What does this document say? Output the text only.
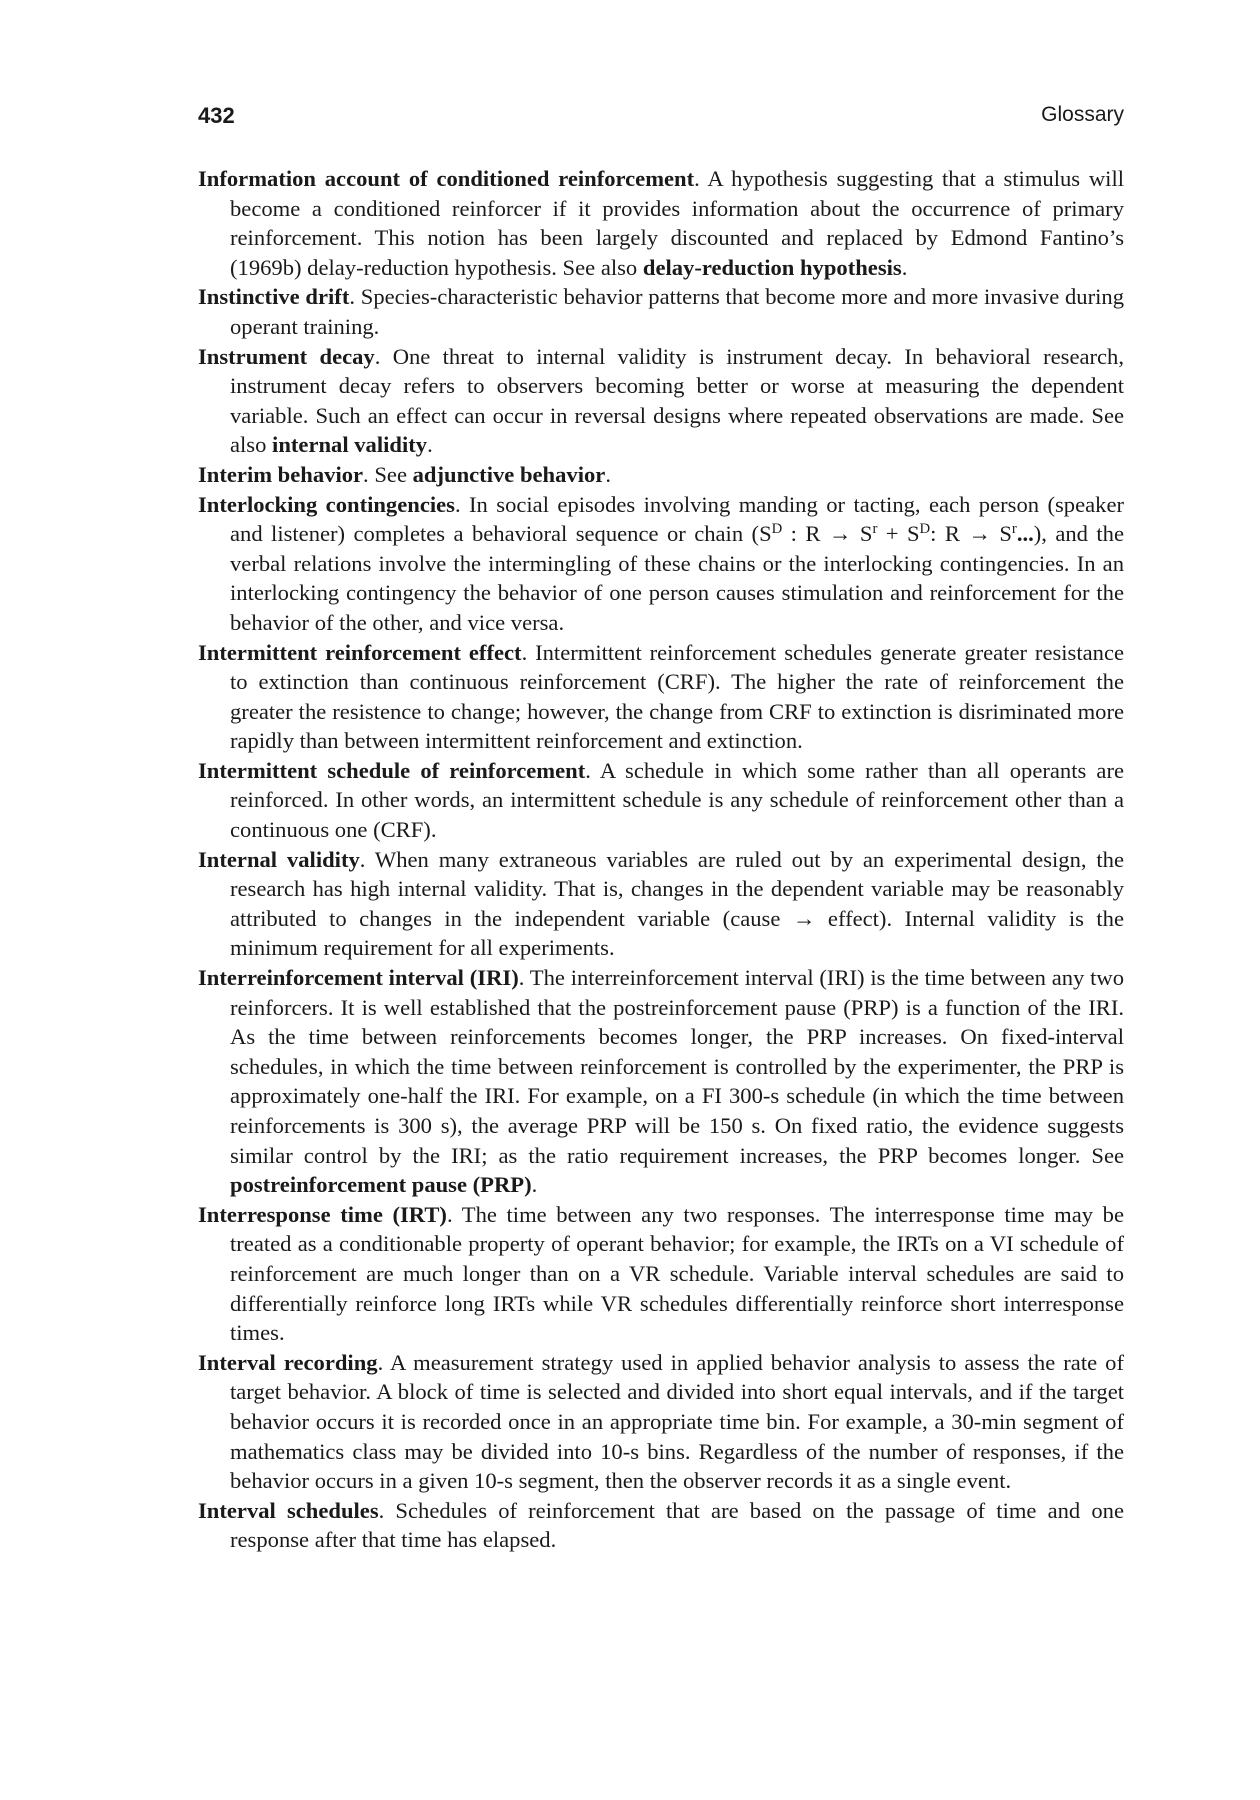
432	Glossary

Information account of conditioned reinforcement. A hypothesis suggesting that a stimulus will become a conditioned reinforcer if it provides information about the occurrence of primary reinforcement. This notion has been largely discounted and replaced by Edmond Fantino’s (1969b) delay-reduction hypothesis. See also delay-reduction hypothesis.

Instinctive drift. Species-characteristic behavior patterns that become more and more invasive during operant training.

Instrument decay. One threat to internal validity is instrument decay. In behavioral research, instrument decay refers to observers becoming better or worse at measuring the dependent variable. Such an effect can occur in reversal designs where repeated observations are made. See also internal validity.

Interim behavior. See adjunctive behavior.

Interlocking contingencies. In social episodes involving manding or tacting, each person (speaker and listener) completes a behavioral sequence or chain ($S^D$ : $R \to S^r + S^D$: $R \to S^r$...), and the verbal relations involve the intermingling of these chains or the interlocking contingencies. In an interlocking contingency the behavior of one person causes stimulation and reinforcement for the behavior of the other, and vice versa.

Intermittent reinforcement effect. Intermittent reinforcement schedules generate greater resistance to extinction than continuous reinforcement (CRF). The higher the rate of reinforcement the greater the resistence to change; however, the change from CRF to extinction is disriminated more rapidly than between intermittent reinforcement and extinction.

Intermittent schedule of reinforcement. A schedule in which some rather than all operants are reinforced. In other words, an intermittent schedule is any schedule of reinforcement other than a continuous one (CRF).

Internal validity. When many extraneous variables are ruled out by an experimental design, the research has high internal validity. That is, changes in the dependent variable may be reasonably attributed to changes in the independent variable (cause → effect). Internal validity is the minimum requirement for all experiments.

Interreinforcement interval (IRI). The interreinforcement interval (IRI) is the time between any two reinforcers. It is well established that the postreinforcement pause (PRP) is a function of the IRI. As the time between reinforcements becomes longer, the PRP increases. On fixed-interval schedules, in which the time between reinforcement is controlled by the experimenter, the PRP is approximately one-half the IRI. For example, on a FI 300-s schedule (in which the time between reinforcements is 300 s), the average PRP will be 150 s. On fixed ratio, the evidence suggests similar control by the IRI; as the ratio requirement increases, the PRP becomes longer. See postreinforcement pause (PRP).

Interresponse time (IRT). The time between any two responses. The interresponse time may be treated as a conditionable property of operant behavior; for example, the IRTs on a VI schedule of reinforcement are much longer than on a VR schedule. Variable interval schedules are said to differentially reinforce long IRTs while VR schedules differentially reinforce short interresponse times.

Interval recording. A measurement strategy used in applied behavior analysis to assess the rate of target behavior. A block of time is selected and divided into short equal intervals, and if the target behavior occurs it is recorded once in an appropriate time bin. For example, a 30-min segment of mathematics class may be divided into 10-s bins. Regardless of the number of responses, if the behavior occurs in a given 10-s segment, then the observer records it as a single event.

Interval schedules. Schedules of reinforcement that are based on the passage of time and one response after that time has elapsed.
